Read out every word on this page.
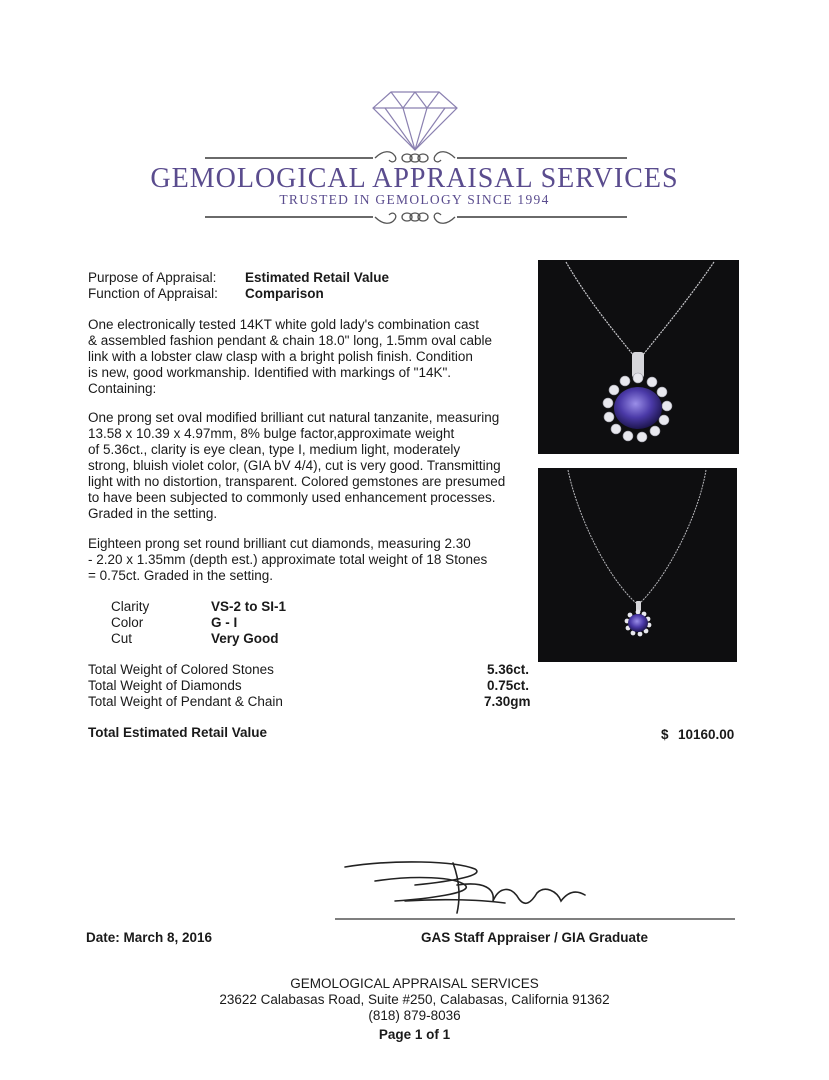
GEMOLOGICAL APPRAISAL SERVICES
TRUSTED IN GEMOLOGY SINCE 1994
Purpose of Appraisal: Estimated Retail Value
Function of Appraisal: Comparison
One electronically tested 14KT white gold lady's combination cast
& assembled fashion pendant & chain 18.0" long, 1.5mm oval cable
link with a lobster claw clasp with a bright polish finish. Condition
is new, good workmanship. Identified with markings of "14K".
Containing:
One prong set oval modified brilliant cut natural tanzanite, measuring
13.58 x 10.39 x 4.97mm, 8% bulge factor,approximate weight
of 5.36ct., clarity is eye clean, type I, medium light, moderately
strong, bluish violet color, (GIA bV 4/4), cut is very good. Transmitting
light with no distortion, transparent. Colored gemstones are presumed
to have been subjected to commonly used enhancement processes.
Graded in the setting.
Eighteen prong set round brilliant cut diamonds, measuring 2.30
- 2.20 x 1.35mm (depth est.) approximate total weight of 18 Stones
= 0.75ct. Graded in the setting.
Clarity	VS-2 to SI-1
Color	G - I
Cut	Very Good
Total Weight of Colored Stones	5.36ct.
Total Weight of Diamonds	0.75ct.
Total Weight of Pendant & Chain	7.30gm
Total Estimated Retail Value	$ 10160.00
Date: March 8, 2016	GAS Staff Appraiser / GIA Graduate
GEMOLOGICAL APPRAISAL SERVICES
23622 Calabasas Road, Suite #250, Calabasas, California 91362
(818) 879-8036
Page 1 of 1
